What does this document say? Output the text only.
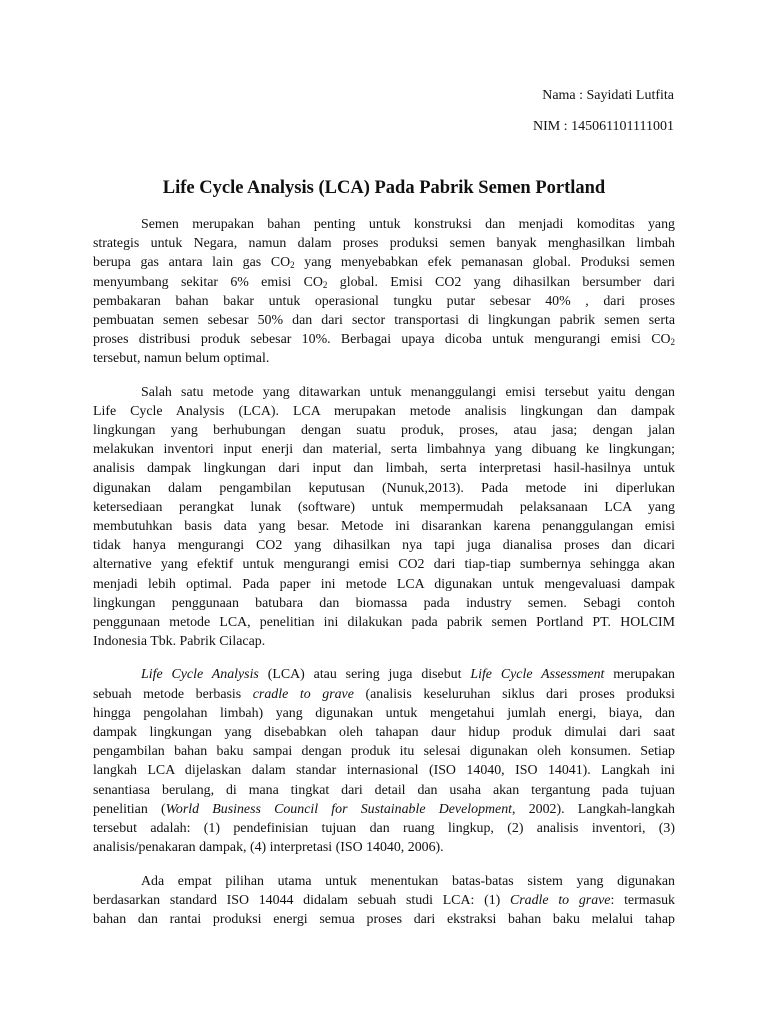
Nama : Sayidati Lutfita
NIM : 145061101111001
Life Cycle Analysis (LCA) Pada Pabrik Semen Portland
Semen merupakan bahan penting untuk konstruksi dan menjadi komoditas yang
strategis untuk Negara, namun dalam proses produksi semen banyak menghasilkan limbah
berupa gas antara lain gas $CO_2$ yang menyebabkan efek pemanasan global. Produksi semen
menyumbang sekitar 6% emisi $CO_2$ global. Emisi CO2 yang dihasilkan bersumber dari
pembakaran bahan bakar untuk operasional tungku putar sebesar 40% , dari proses
pembuatan semen sebesar 50% dan dari sector transportasi di lingkungan pabrik semen serta
proses distribusi produk sebesar 10%. Berbagai upaya dicoba untuk mengurangi emisi $CO_2$
tersebut, namun belum optimal.
Salah satu metode yang ditawarkan untuk menanggulangi emisi tersebut yaitu dengan
Life Cycle Analysis (LCA). LCA merupakan metode analisis lingkungan dan dampak
lingkungan yang berhubungan dengan suatu produk, proses, atau jasa; dengan jalan
melakukan inventori input enerji dan material, serta limbahnya yang dibuang ke lingkungan;
analisis dampak lingkungan dari input dan limbah, serta interpretasi hasil-hasilnya untuk
digunakan dalam pengambilan keputusan (Nunuk,2013). Pada metode ini diperlukan
ketersediaan perangkat lunak (software) untuk mempermudah pelaksanaan LCA yang
membutuhkan basis data yang besar. Metode ini disarankan karena penanggulangan emisi
tidak hanya mengurangi CO2 yang dihasilkan nya tapi juga dianalisa proses dan dicari
alternative yang efektif untuk mengurangi emisi CO2 dari tiap-tiap sumbernya sehingga akan
menjadi lebih optimal. Pada paper ini metode LCA digunakan untuk mengevaluasi dampak
lingkungan penggunaan batubara dan biomassa pada industry semen. Sebagi contoh
penggunaan metode LCA, penelitian ini dilakukan pada pabrik semen Portland PT. HOLCIM
Indonesia Tbk. Pabrik Cilacap.
Life Cycle Analysis (LCA) atau sering juga disebut Life Cycle Assessment merupakan
sebuah metode berbasis cradle to grave (analisis keseluruhan siklus dari proses produksi
hingga pengolahan limbah) yang digunakan untuk mengetahui jumlah energi, biaya, dan
dampak lingkungan yang disebabkan oleh tahapan daur hidup produk dimulai dari saat
pengambilan bahan baku sampai dengan produk itu selesai digunakan oleh konsumen. Setiap
langkah LCA dijelaskan dalam standar internasional (ISO 14040, ISO 14041). Langkah ini
senantiasa berulang, di mana tingkat dari detail dan usaha akan tergantung pada tujuan
penelitian (World Business Council for Sustainable Development, 2002). Langkah-langkah
tersebut adalah: (1) pendefinisian tujuan dan ruang lingkup, (2) analisis inventori, (3)
analisis/penakaran dampak, (4) interpretasi (ISO 14040, 2006).
Ada empat pilihan utama untuk menentukan batas-batas sistem yang digunakan
berdasarkan standard ISO 14044 didalam sebuah studi LCA: (1) Cradle to grave: termasuk
bahan dan rantai produksi energi semua proses dari ekstraksi bahan baku melalui tahap
